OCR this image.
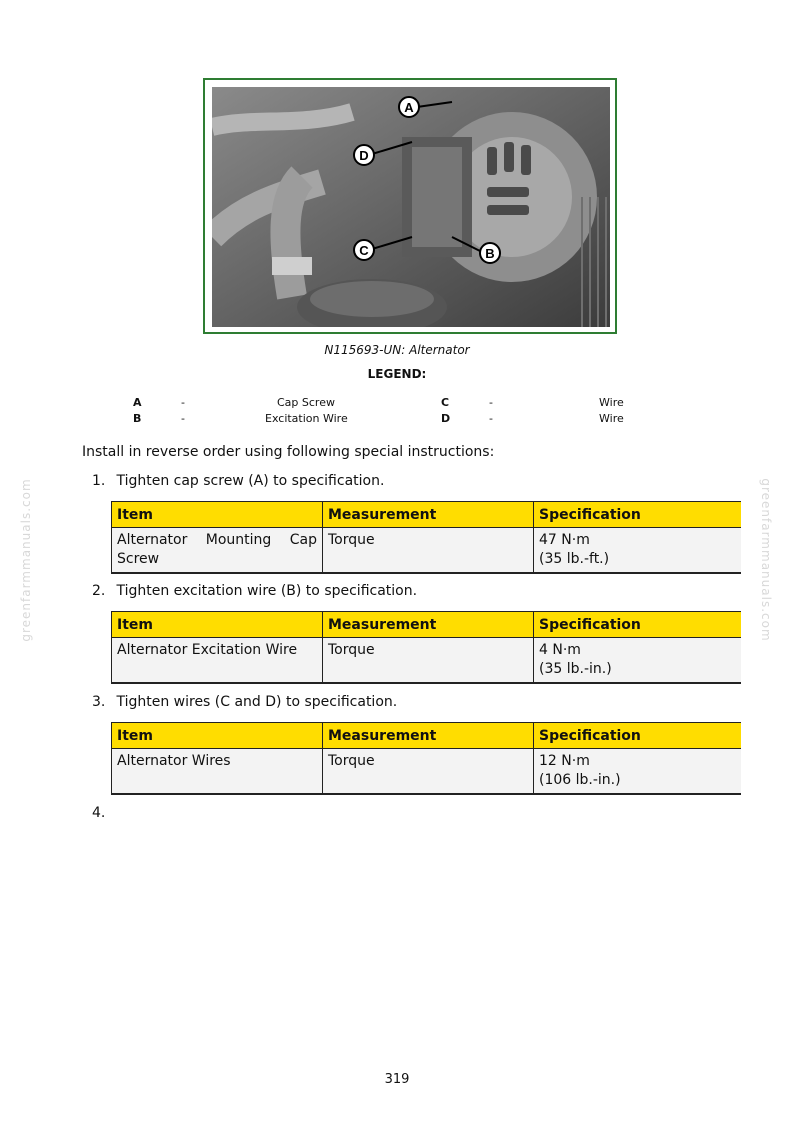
A
B
C
D
N115693-UN: Alternator
LEGEND:
A	-	Cap Screw	C	-	Wire
B	-	Excitation Wire	D	-	Wire
Install in reverse order using following special instructions:
1. Tighten cap screw (A) to specification.
Item	Measurement	Specification
Alternator Mounting Cap Screw	Torque	47 N·m
(35 lb.-ft.)
2. Tighten excitation wire (B) to specification.
Item	Measurement	Specification
Alternator Excitation Wire	Torque	4 N·m
(35 lb.-in.)
3. Tighten wires (C and D) to specification.
Item	Measurement	Specification
Alternator Wires	Torque	12 N·m
(106 lb.-in.)
4.
greenfarmmanuals.com	greenfarmmanuals.com
319
